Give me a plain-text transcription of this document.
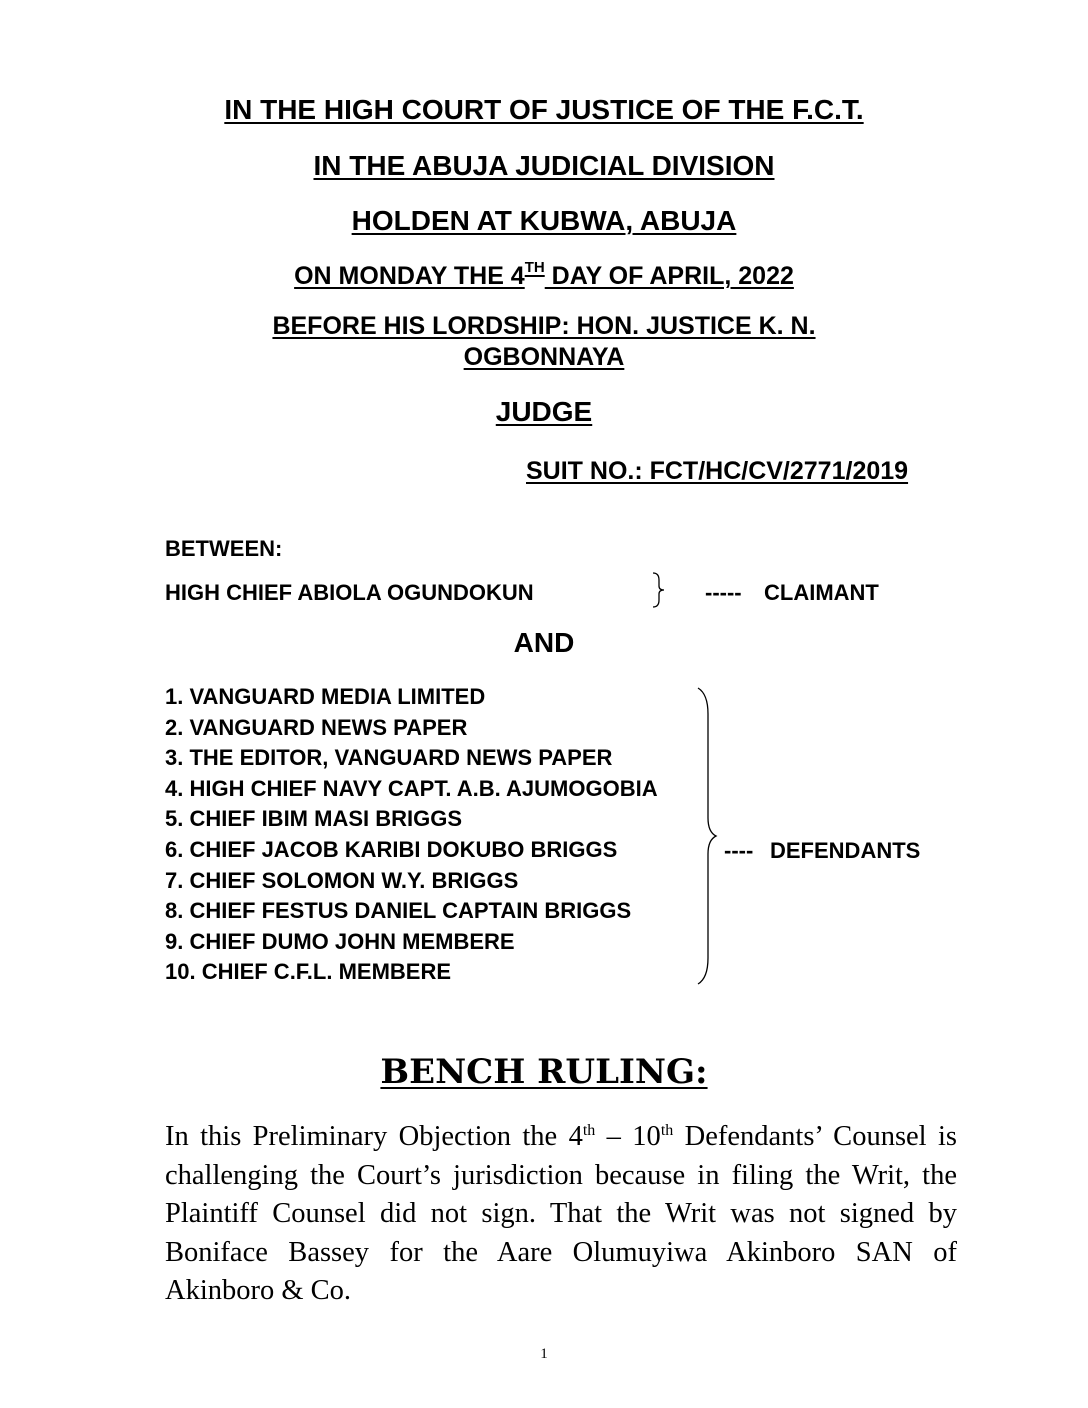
IN THE HIGH COURT OF JUSTICE OF THE F.C.T.
IN THE ABUJA JUDICIAL DIVISION
HOLDEN AT KUBWA, ABUJA
ON MONDAY THE 4TH DAY OF APRIL, 2022
BEFORE HIS LORDSHIP: HON. JUSTICE K. N.
OGBONNAYA
JUDGE
SUIT NO.: FCT/HC/CV/2771/2019
BETWEEN:
HIGH CHIEF ABIOLA OGUNDOKUN	----- CLAIMANT
AND
1. VANGUARD MEDIA LIMITED
2. VANGUARD NEWS PAPER
3. THE EDITOR, VANGUARD NEWS PAPER
4. HIGH CHIEF NAVY CAPT. A.B. AJUMOGOBIA
5. CHIEF IBIM MASI BRIGGS
6. CHIEF JACOB KARIBI DOKUBO BRIGGS
7. CHIEF SOLOMON W.Y. BRIGGS
8. CHIEF FESTUS DANIEL CAPTAIN BRIGGS
9. CHIEF DUMO JOHN MEMBERE
10. CHIEF C.F.L. MEMBERE
---- DEFENDANTS
BENCH RULING:

In this Preliminary Objection the 4th – 10th Defendants’ Counsel is challenging the Court’s jurisdiction because in filing the Writ, the Plaintiff Counsel did not sign. That the Writ was not signed by Boniface Bassey for the Aare Olumuyiwa Akinboro SAN of Akinboro & Co.

1
